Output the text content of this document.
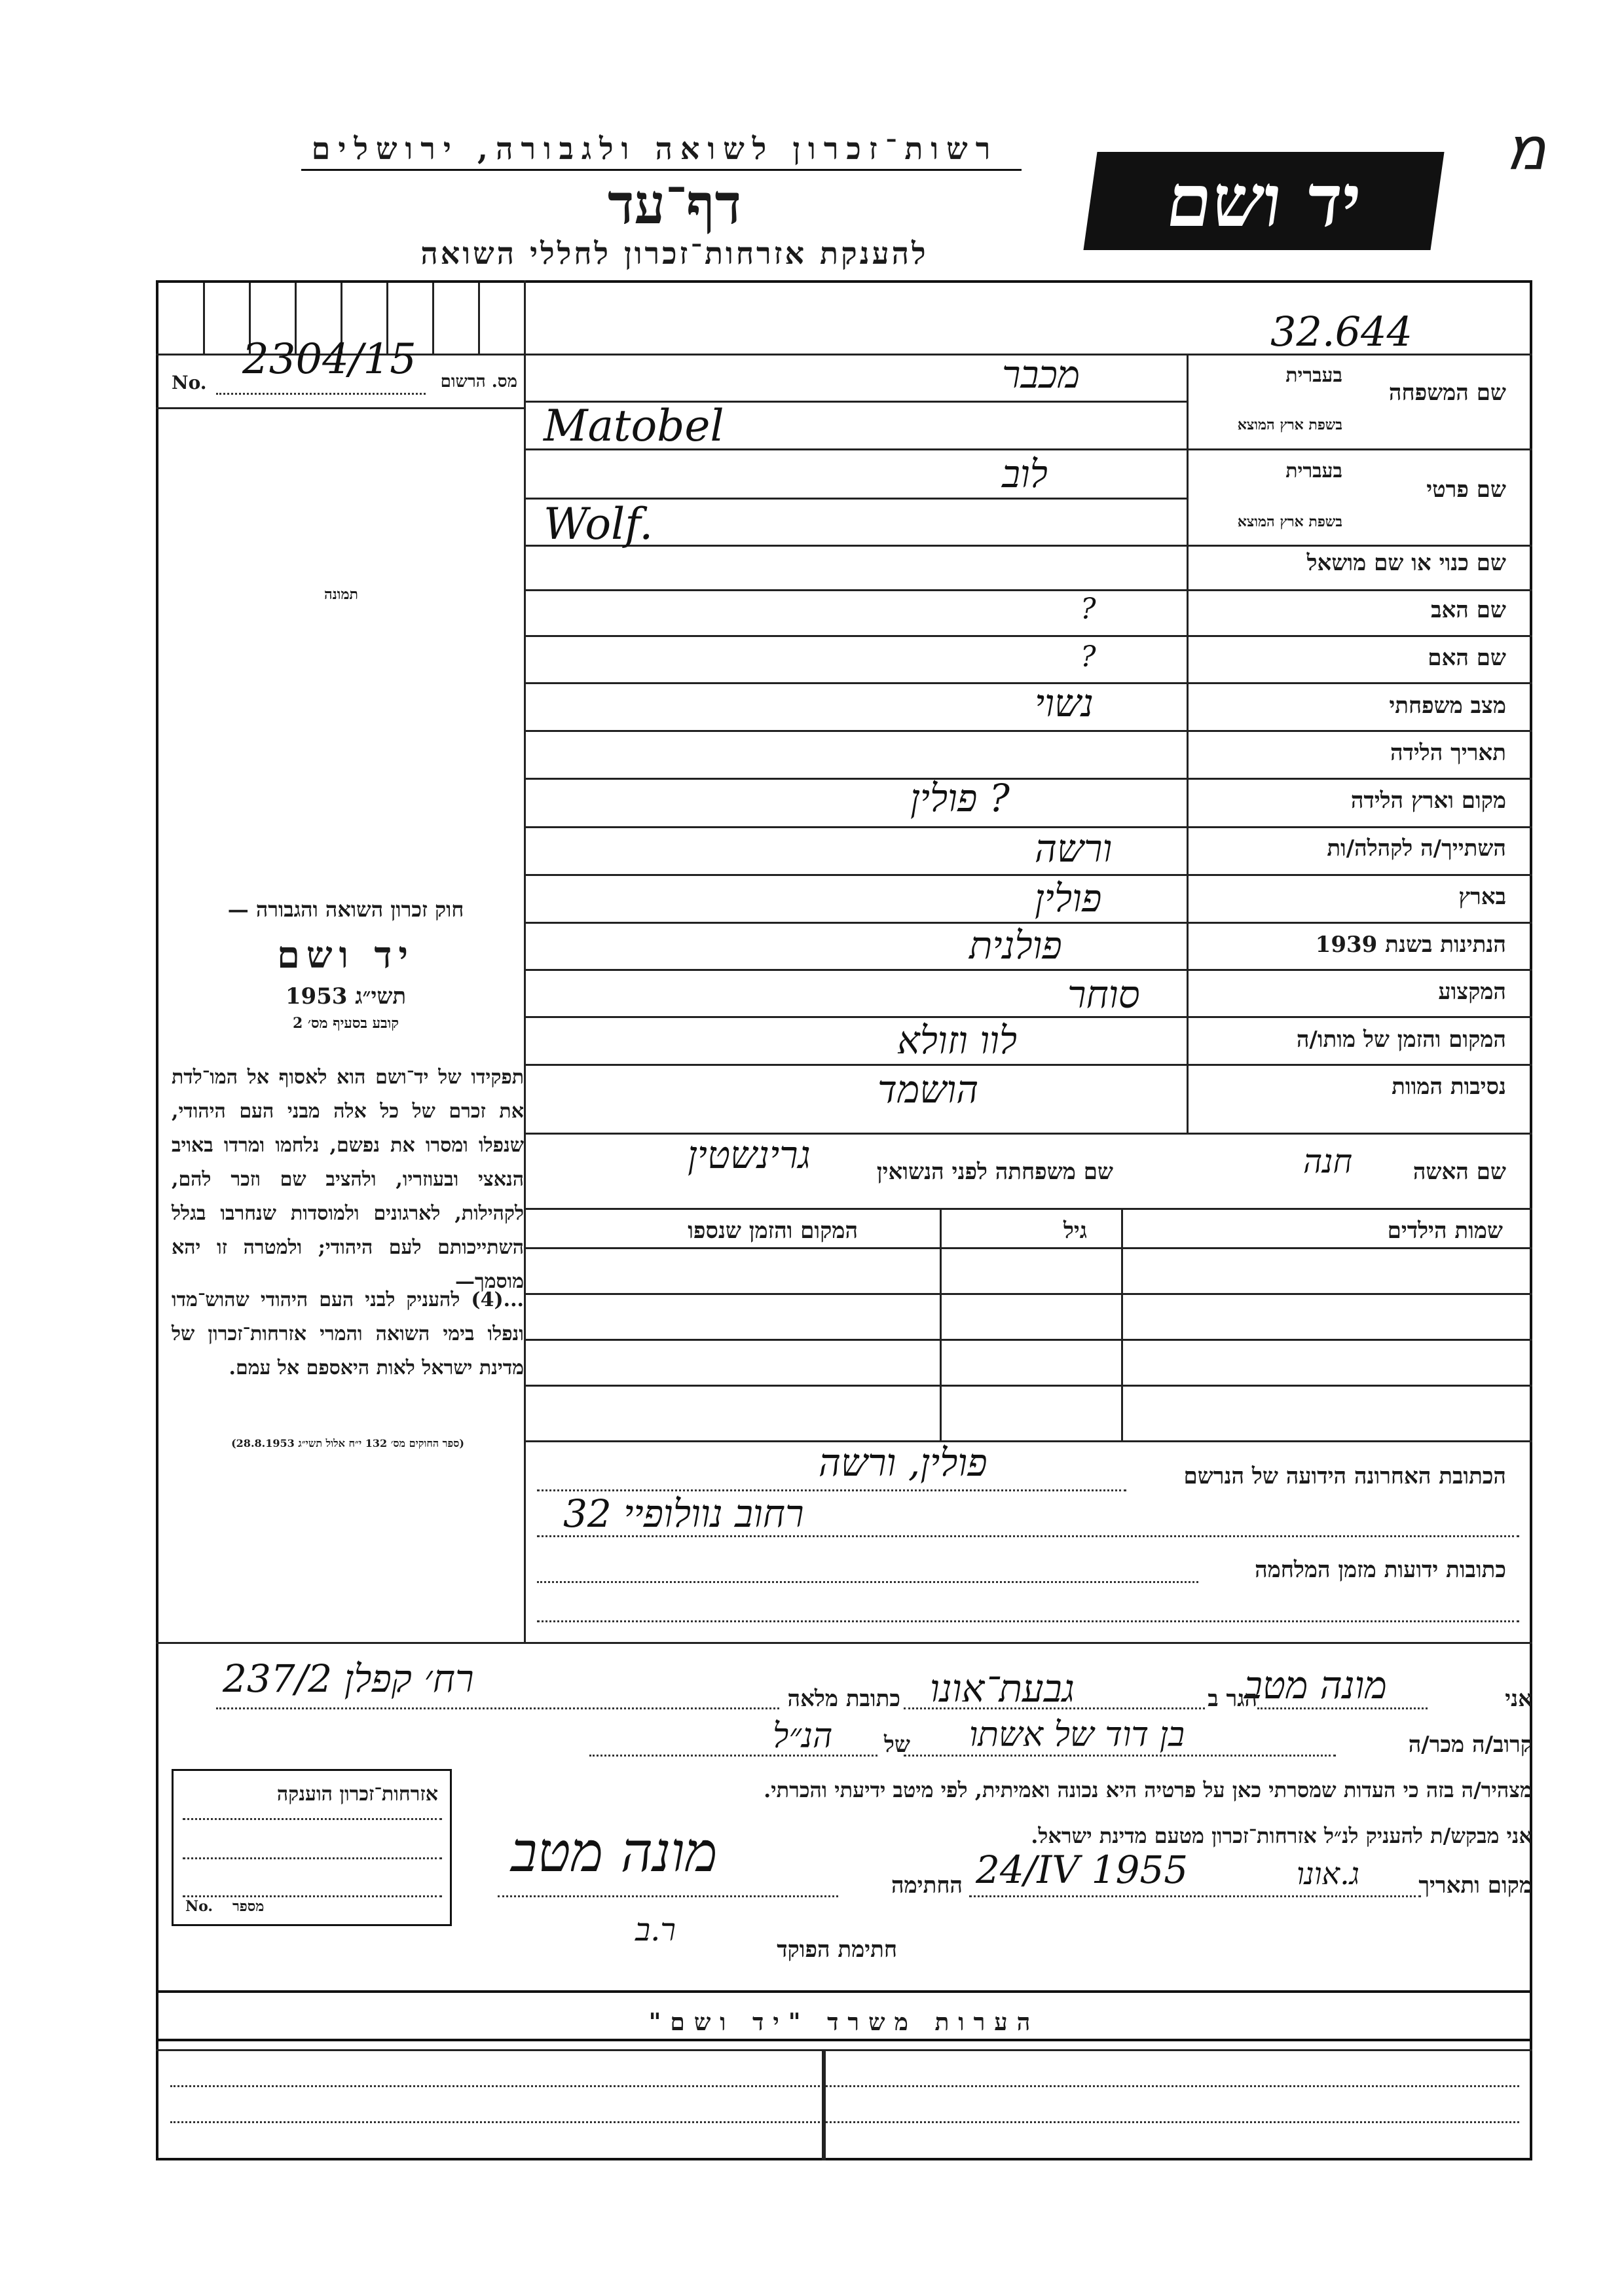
מ
רשות־זכרון לשואה ולגבורה, ירושלים
דף־עד
להענקת אזרחות־זכרון לחללי השואה
יד ושם
מס. הרשום
No. 2304/15
תמונה
32.644
שם המשפחה
בעברית
בשפת ארץ המוצא
מכבר
Matobel
שם פרטי
בעברית
בשפת ארץ המוצא
לוב
Wolf.
שם כנוי או שם מושאל
שם האב
?
שם האם
?
מצב משפחתי
נשוי
תאריך הלידה
מקום וארץ הלידה
? פולין
השתייך/ה לקהלה/ות
ורשה
בארץ
פולין
הנתינות בשנת 1939
פולנית
המקצוע
סוחר
המקום והזמן של מותו/ה
לוו וזולא
נסיבות המוות
הושמד
שם האשה
חנה
שם משפחתה לפני הנשואין
גרינשטין
שמות הילדים
גיל
המקום והזמן שנספו
הכתובת האחרונה הידועה של הנרשם
פולין, ורשה
רחוב נוולופיי 32
כתובות ידועות מזמן המלחמה
חוק זכרון השואה והגבורה —
יד ושם
תשי״ג 1953
קובע בסעיף מס׳ 2
תפקידו של יד־ושם הוא לאסוף אל המו־לדת את זכרם של כל אלה מבני העם היהודי, שנפלו ומסרו את נפשם, נלחמו ומרדו באויב הנאצי ובעוזריו, ולהציב שם וזכר להם, לקהילות, לארגונים ולמוסדות שנחרבו בגלל השתייכותם לעם היהודי; ולמטרה זו יהא מוסמך—
...(4) להעניק לבני העם היהודי שהוש־מדו ונפלו בימי השואה והמרי אזרחות־זכרון של מדינת ישראל לאות היאספם אל עמם.
(ספר החוקים מס׳ 132 י״ח אלול תשי״ג 28.8.1953)
אני
מונה מטב
הגר ב
גבעת־אונו
כתובת מלאה
רח׳ קפלן 237/2
קרוב/ה מכר/ה
בן דוד של אשתו
של
הנ״ל
מצהיר/ה בזה כי העדות שמסרתי כאן על פרטיה היא נכונה ואמיתית, לפי מיטב ידיעתי והכרתי.
אני מבקש/ת להעניק לנ״ל אזרחות־זכרון מטעם מדינת ישראל.
מקום ותאריך
ג.אונו
24/IV 1955
החתימה
מונה מטב
חתימת הפוקד
ר.ב
אזרחות־זכרון הוענקה
No. מספר
הערות משרד "יד ושם"
